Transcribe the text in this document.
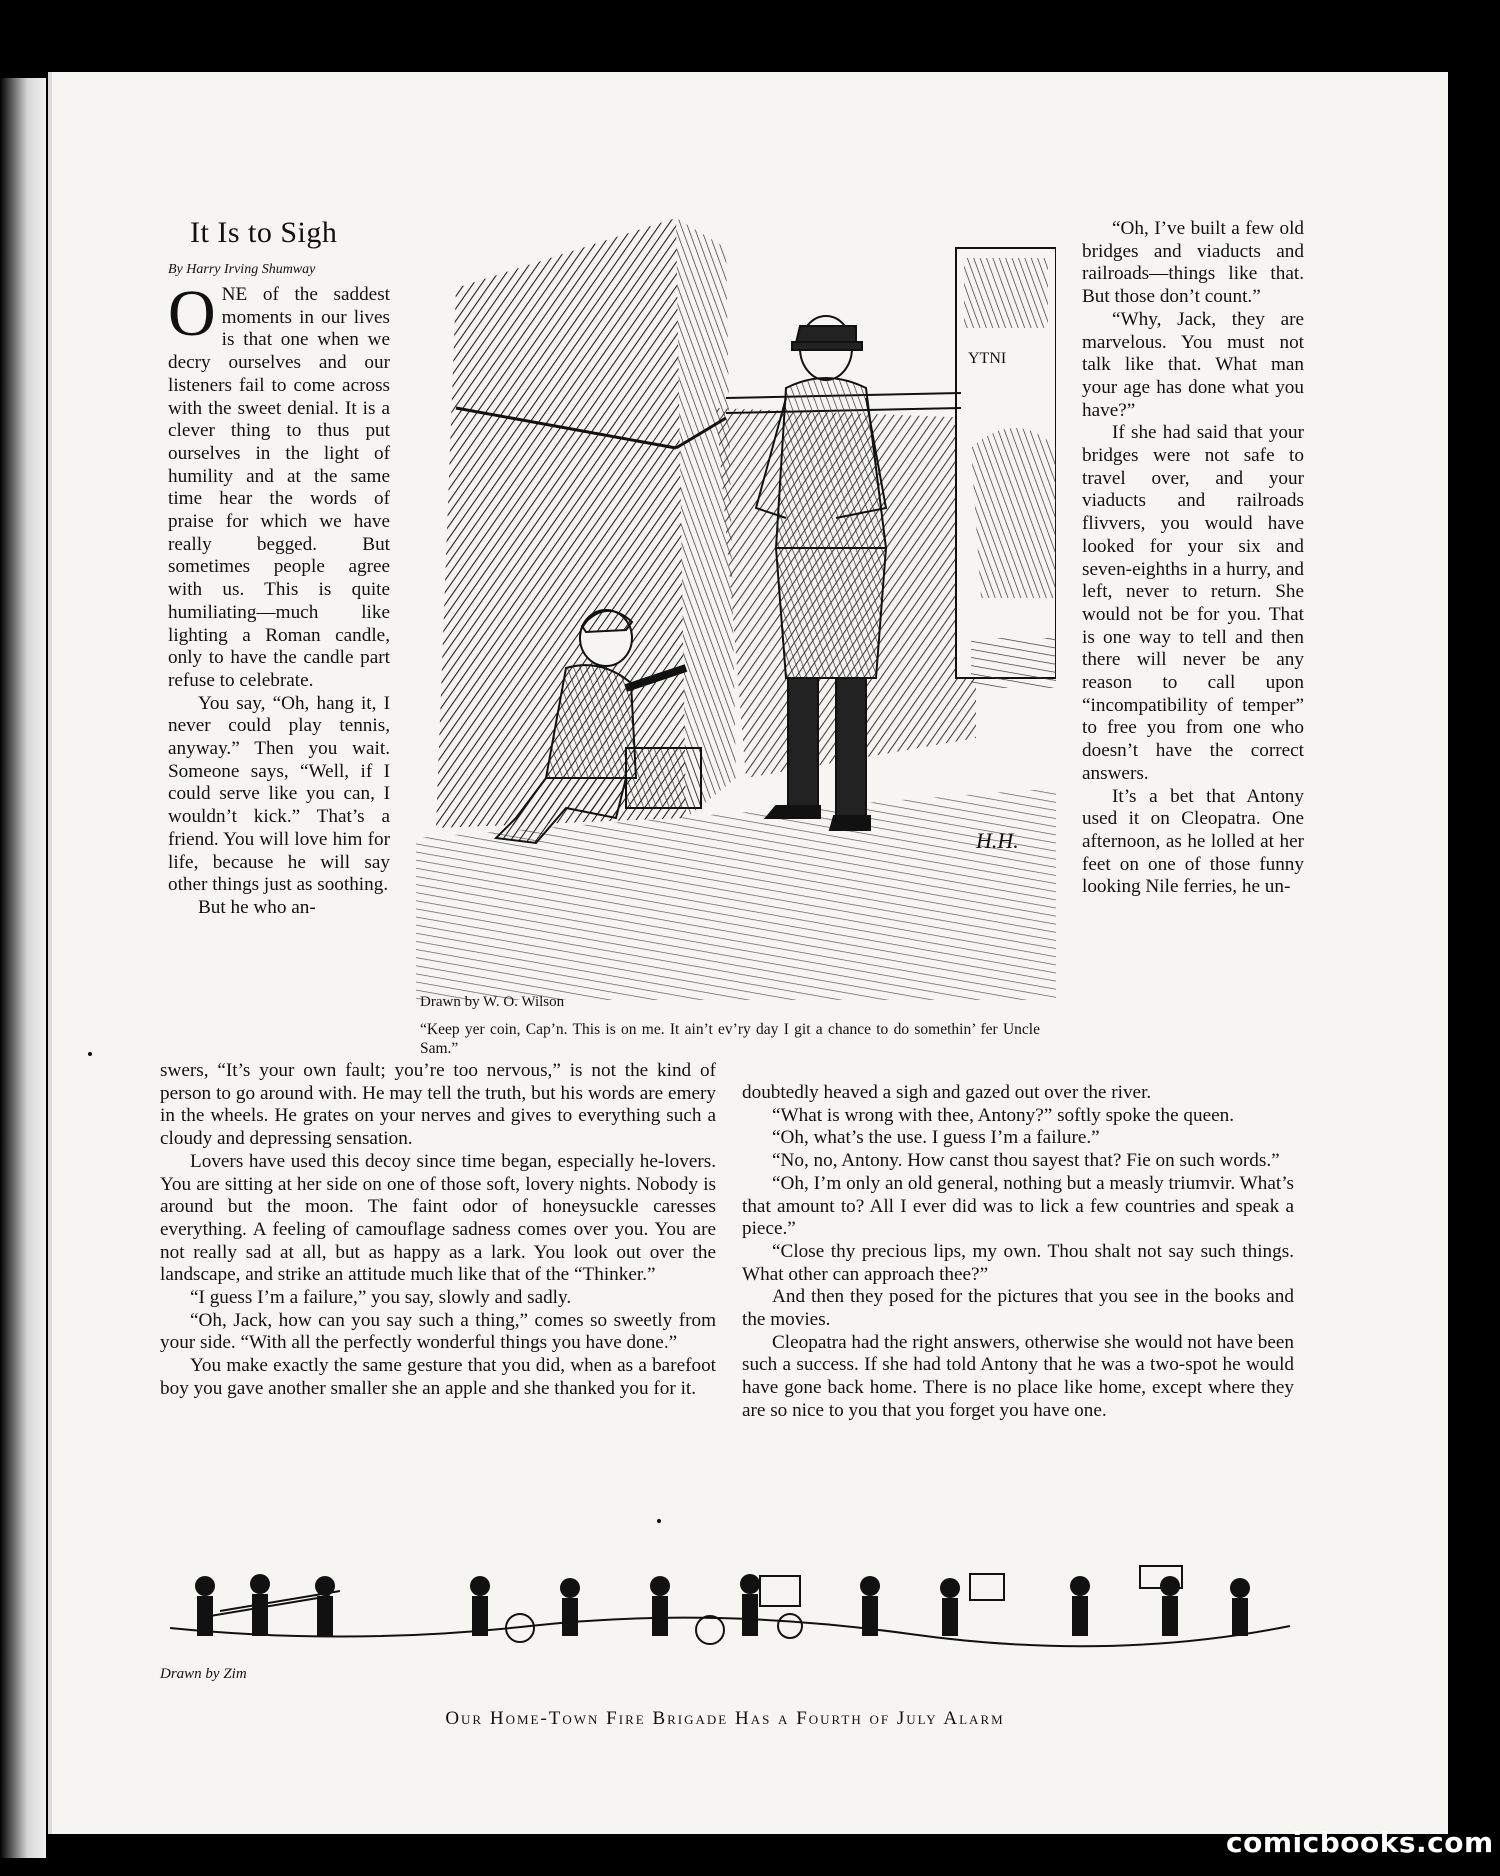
It Is to Sigh
By Harry Irving Shumway
O NE of the saddest moments in our lives is that one when we decry ourselves and our listeners fail to come across with the sweet denial. It is a clever thing to thus put ourselves in the light of humility and at the same time hear the words of praise for which we have really begged. But sometimes people agree with us. This is quite humiliating—much like lighting a Roman candle, only to have the candle part refuse to celebrate.

You say, “Oh, hang it, I never could play tennis, anyway.” Then you wait. Someone says, “Well, if I could serve like you can, I wouldn’t kick.” That’s a friend. You will love him for life, because he will say other things just as soothing.

But he who an-

swers, “It’s your own fault; you’re too nervous,” is not the kind of person to go around with. He may tell the truth, but his words are emery in the wheels. He grates on your nerves and gives to everything such a cloudy and depressing sensation.

Lovers have used this decoy since time began, especially he-lovers. You are sitting at her side on one of those soft, lovery nights. Nobody is around but the moon. The faint odor of honeysuckle caresses everything. A feeling of camouflage sadness comes over you. You are not really sad at all, but as happy as a lark. You look out over the landscape, and strike an attitude much like that of the “Thinker.”

“I guess I’m a failure,” you say, slowly and sadly.

“Oh, Jack, how can you say such a thing,” comes so sweetly from your side. “With all the perfectly wonderful things you have done.”

You make exactly the same gesture that you did, when as a barefoot boy you gave another smaller she an apple and she thanked you for it.

“Oh, I’ve built a few old bridges and viaducts and railroads—things like that. But those don’t count.”

“Why, Jack, they are marvelous. You must not talk like that. What man your age has done what you have?”

If she had said that your bridges were not safe to travel over, and your viaducts and railroads flivvers, you would have looked for your six and seven-eighths in a hurry, and left, never to return. She would not be for you. That is one way to tell and then there will never be any reason to call upon “incompatibility of temper” to free you from one who doesn’t have the correct answers.

It’s a bet that Antony used it on Cleopatra. One afternoon, as he lolled at her feet on one of those funny looking Nile ferries, he un-

doubtedly heaved a sigh and gazed out over the river.

“What is wrong with thee, Antony?” softly spoke the queen.

“Oh, what’s the use. I guess I’m a failure.”

“No, no, Antony. How canst thou sayest that? Fie on such words.”

“Oh, I’m only an old general, nothing but a measly triumvir. What’s that amount to? All I ever did was to lick a few countries and speak a piece.”

“Close thy precious lips, my own. Thou shalt not say such things. What other can approach thee?”

And then they posed for the pictures that you see in the books and the movies.

Cleopatra had the right answers, otherwise she would not have been such a success. If she had told Antony that he was a two-spot he would have gone back home. There is no place like home, except where they are so nice to you that you forget you have one.

YTNI
H.H.
Drawn by W. O. Wilson
“Keep yer coin, Cap’n. This is on me. It ain’t ev’ry day I git a chance to do somethin’ fer Uncle Sam.”
Drawn by Zim
Our Home-Town Fire Brigade Has a Fourth of July Alarm
comicbooks.com
